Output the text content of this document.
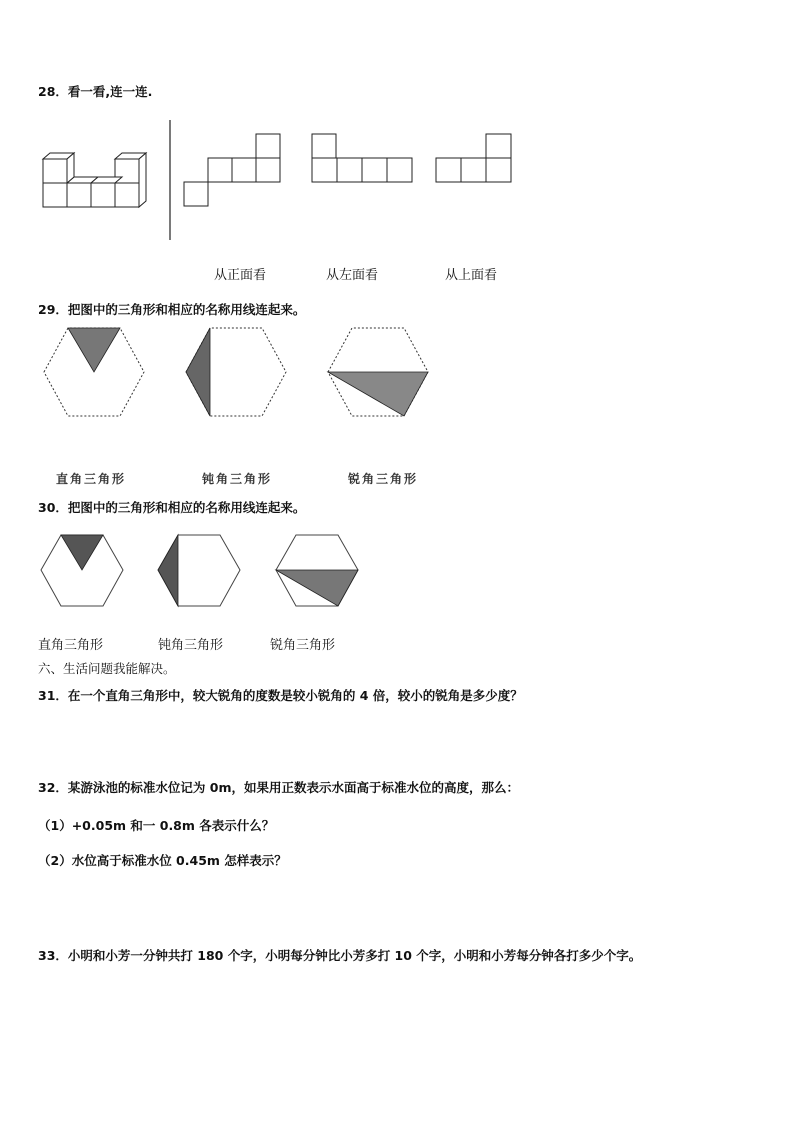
28．看一看,连一连.
从正面看	从左面看	从上面看
29．把图中的三角形和相应的名称用线连起来。
直角三角形	钝角三角形	锐角三角形
30．把图中的三角形和相应的名称用线连起来。
直角三角形	钝角三角形	锐角三角形
六、生活问题我能解决。
31．在一个直角三角形中，较大锐角的度数是较小锐角的 4 倍，较小的锐角是多少度？
32．某游泳池的标准水位记为 0m，如果用正数表示水面高于标准水位的高度，那么：
（1）+0.05m 和一 0.8m 各表示什么？
（2）水位高于标准水位 0.45m 怎样表示？
33．小明和小芳一分钟共打 180 个字，小明每分钟比小芳多打 10 个字，小明和小芳每分钟各打多少个字。
